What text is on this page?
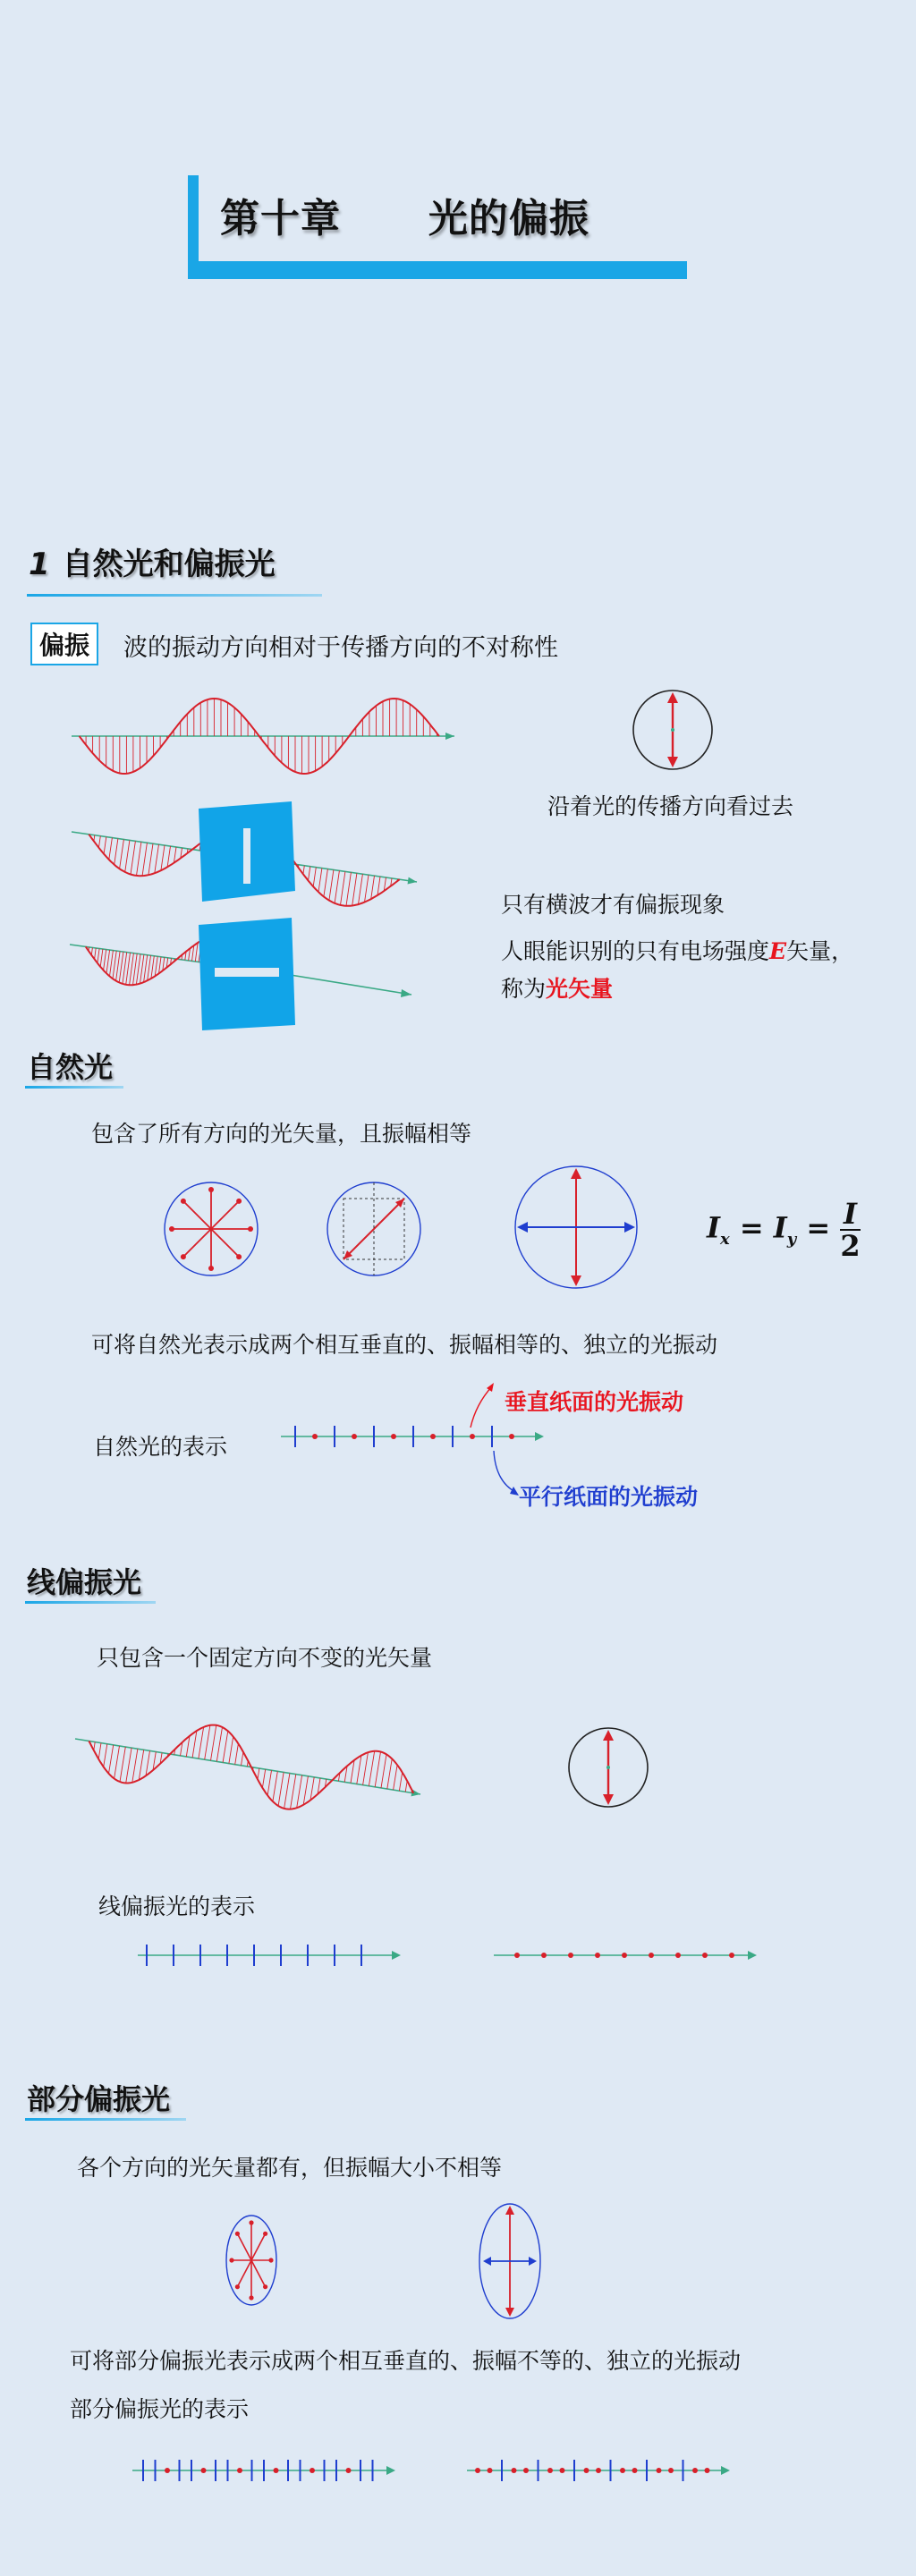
第十章 光的偏振
1 自然光和偏振光
偏振	波的振动方向相对于传播方向的不对称性
沿着光的传播方向看过去
只有横波才有偏振现象
人眼能识别的只有电场强度E矢量，
称为光矢量
自然光
包含了所有方向的光矢量，且振幅相等
$I_x = I_y = \frac{I}{2}$
可将自然光表示成两个相互垂直的、振幅相等的、独立的光振动
自然光的表示
垂直纸面的光振动
平行纸面的光振动
线偏振光
只包含一个固定方向不变的光矢量
线偏振光的表示
部分偏振光
各个方向的光矢量都有，但振幅大小不相等
可将部分偏振光表示成两个相互垂直的、振幅不等的、独立的光振动
部分偏振光的表示
